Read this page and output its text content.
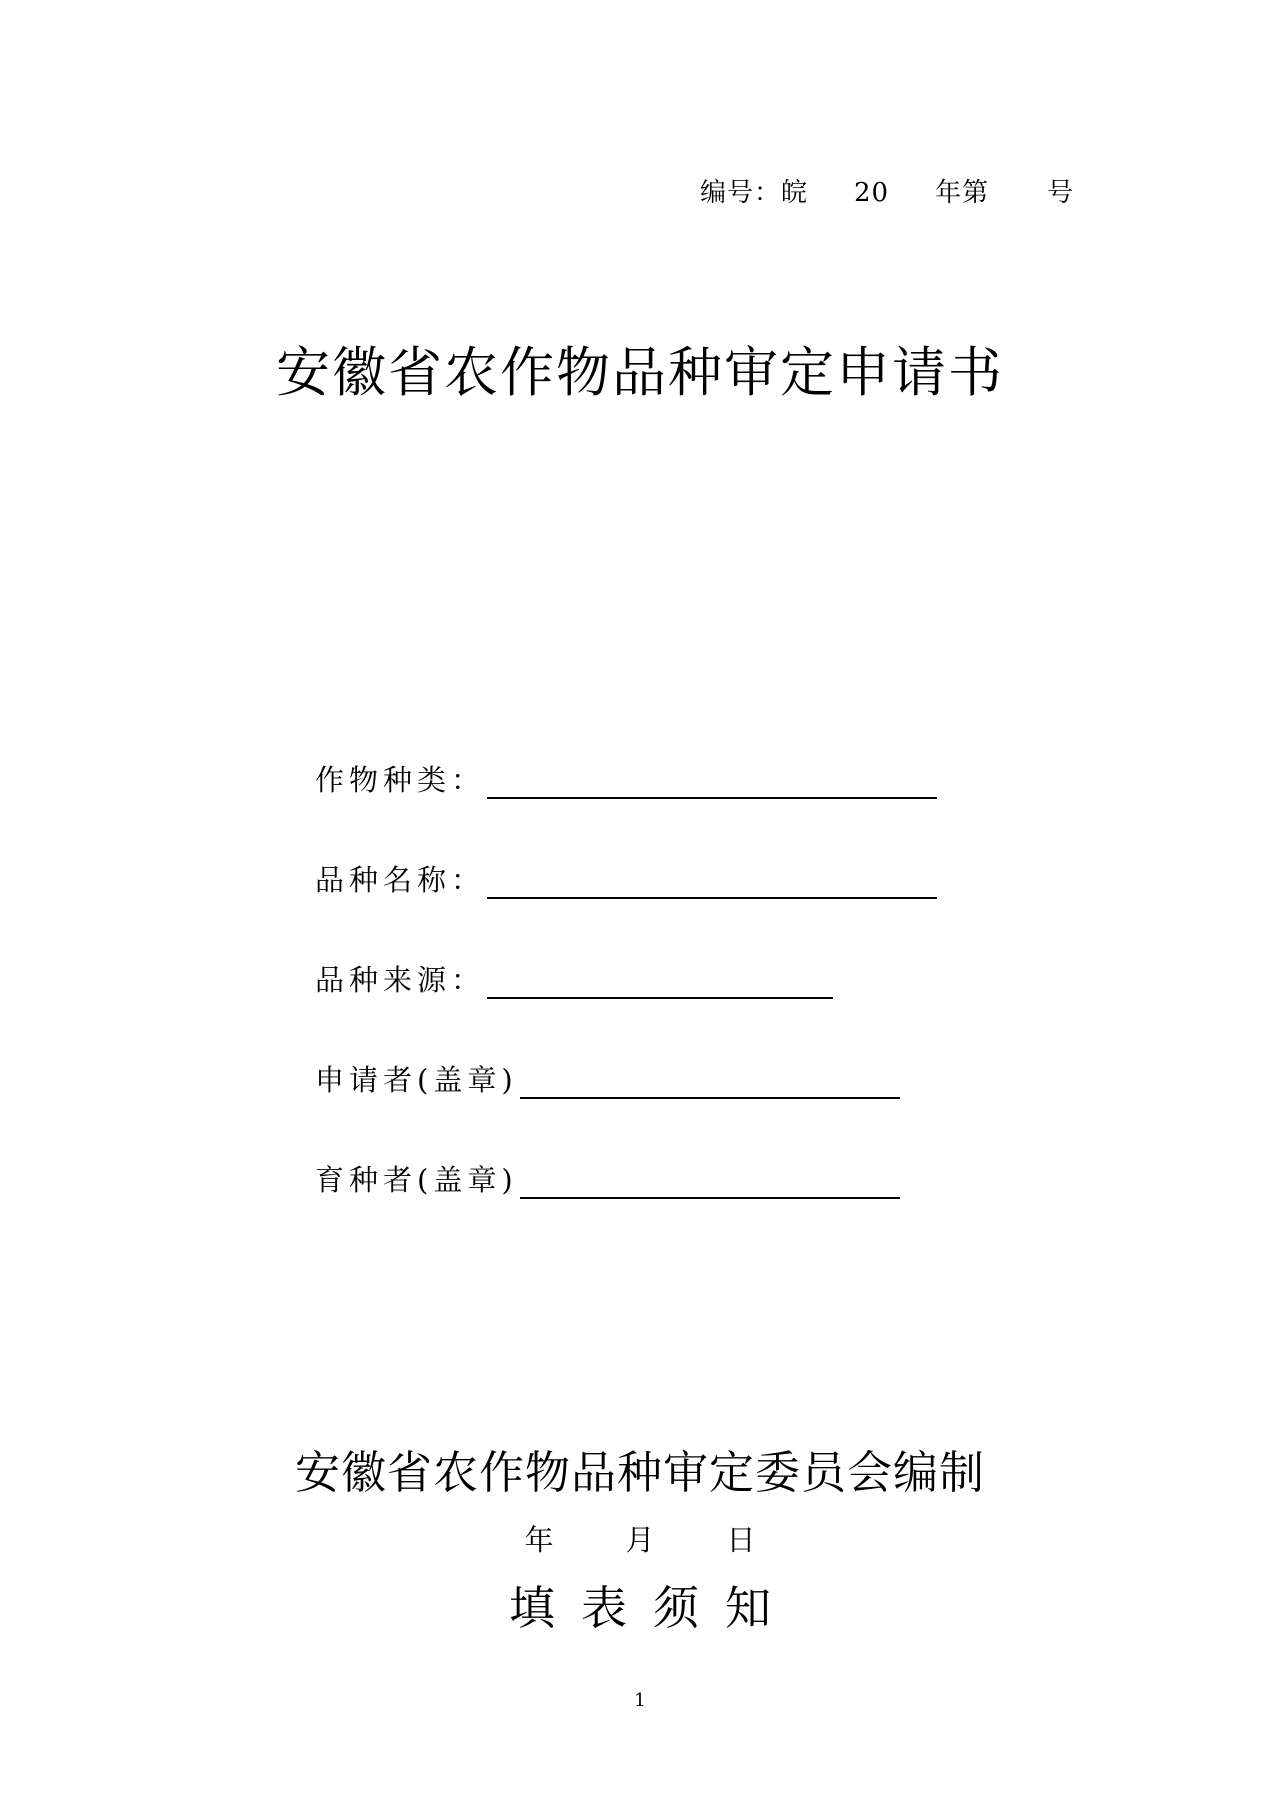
编号：皖 20 年第 号
安徽省农作物品种审定申请书
作物种类：
品种名称：
品种来源：
申请者(盖章)
育种者(盖章)
安徽省农作物品种审定委员会编制
年 月 日
填表须知
1
